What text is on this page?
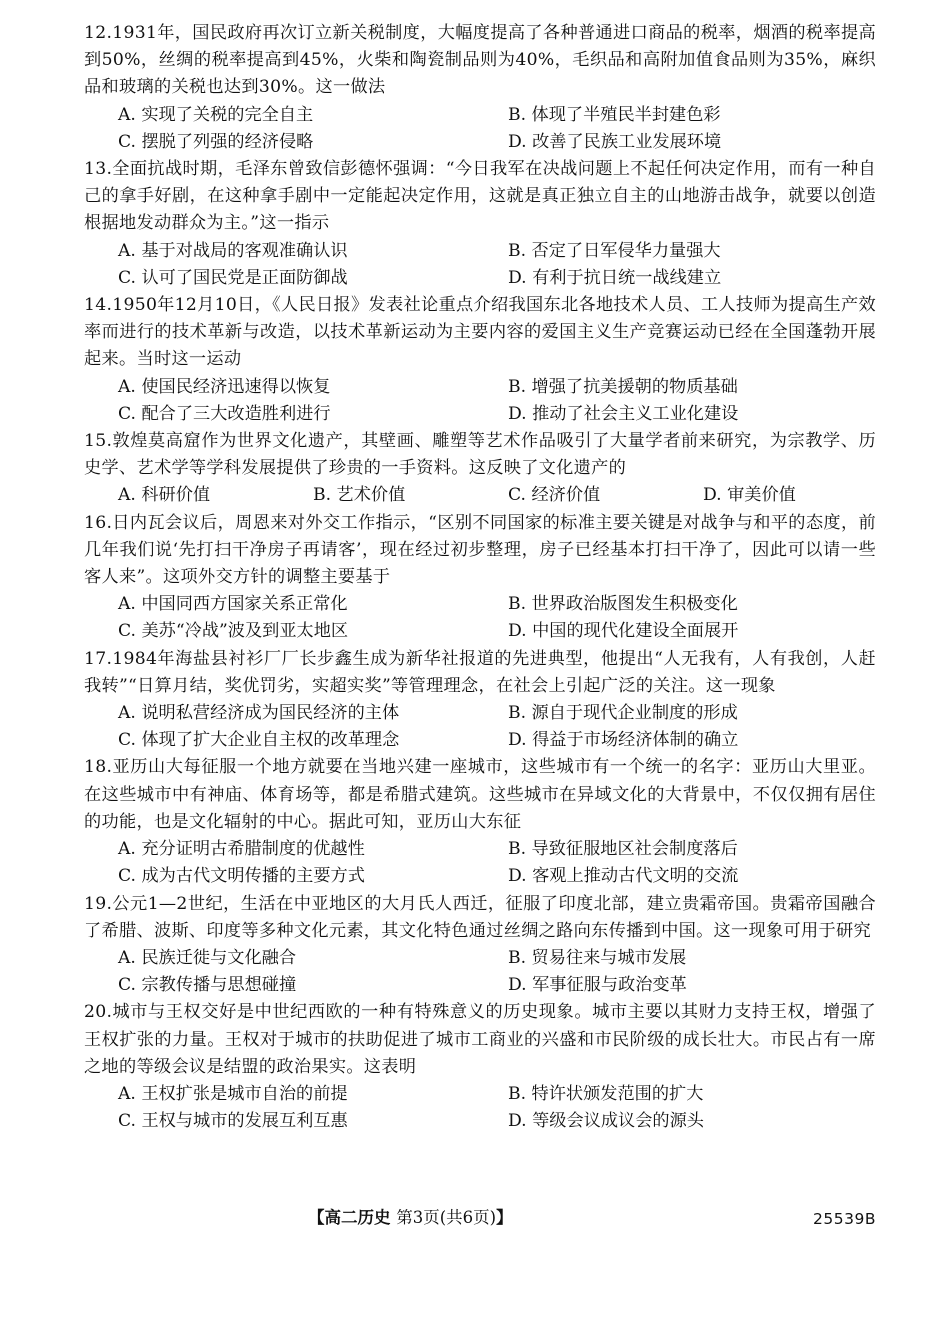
12.1931年，国民政府再次订立新关税制度，大幅度提高了各种普通进口商品的税率，烟酒的税率提高到50%，丝绸的税率提高到45%，火柴和陶瓷制品则为40%，毛织品和高附加值食品则为35%，麻织品和玻璃的关税也达到30%。这一做法
A. 实现了关税的完全自主	B. 体现了半殖民半封建色彩
C. 摆脱了列强的经济侵略	D. 改善了民族工业发展环境
13.全面抗战时期，毛泽东曾致信彭德怀强调：“今日我军在决战问题上不起任何决定作用，而有一种自己的拿手好剧，在这种拿手剧中一定能起决定作用，这就是真正独立自主的山地游击战争，就要以创造根据地发动群众为主。”这一指示
A. 基于对战局的客观准确认识	B. 否定了日军侵华力量强大
C. 认可了国民党是正面防御战	D. 有利于抗日统一战线建立
14.1950年12月10日，《人民日报》发表社论重点介绍我国东北各地技术人员、工人技师为提高生产效率而进行的技术革新与改造，以技术革新运动为主要内容的爱国主义生产竞赛运动已经在全国蓬勃开展起来。当时这一运动
A. 使国民经济迅速得以恢复	B. 增强了抗美援朝的物质基础
C. 配合了三大改造胜利进行	D. 推动了社会主义工业化建设
15.敦煌莫高窟作为世界文化遗产，其壁画、雕塑等艺术作品吸引了大量学者前来研究，为宗教学、历史学、艺术学等学科发展提供了珍贵的一手资料。这反映了文化遗产的
A. 科研价值	B. 艺术价值	C. 经济价值	D. 审美价值
16.日内瓦会议后，周恩来对外交工作指示，“区别不同国家的标准主要关键是对战争与和平的态度，前几年我们说‘先打扫干净房子再请客’，现在经过初步整理，房子已经基本打扫干净了，因此可以请一些客人来”。这项外交方针的调整主要基于
A. 中国同西方国家关系正常化	B. 世界政治版图发生积极变化
C. 美苏“冷战”波及到亚太地区	D. 中国的现代化建设全面展开
17.1984年海盐县衬衫厂厂长步鑫生成为新华社报道的先进典型，他提出“人无我有，人有我创，人赶我转”“日算月结，奖优罚劣，实超实奖”等管理理念，在社会上引起广泛的关注。这一现象
A. 说明私营经济成为国民经济的主体	B. 源自于现代企业制度的形成
C. 体现了扩大企业自主权的改革理念	D. 得益于市场经济体制的确立
18.亚历山大每征服一个地方就要在当地兴建一座城市，这些城市有一个统一的名字：亚历山大里亚。在这些城市中有神庙、体育场等，都是希腊式建筑。这些城市在异域文化的大背景中，不仅仅拥有居住的功能，也是文化辐射的中心。据此可知，亚历山大东征
A. 充分证明古希腊制度的优越性	B. 导致征服地区社会制度落后
C. 成为古代文明传播的主要方式	D. 客观上推动古代文明的交流
19.公元1—2世纪，生活在中亚地区的大月氏人西迁，征服了印度北部，建立贵霜帝国。贵霜帝国融合了希腊、波斯、印度等多种文化元素，其文化特色通过丝绸之路向东传播到中国。这一现象可用于研究
A. 民族迁徙与文化融合	B. 贸易往来与城市发展
C. 宗教传播与思想碰撞	D. 军事征服与政治变革
20.城市与王权交好是中世纪西欧的一种有特殊意义的历史现象。城市主要以其财力支持王权，增强了王权扩张的力量。王权对于城市的扶助促进了城市工商业的兴盛和市民阶级的成长壮大。市民占有一席之地的等级会议是结盟的政治果实。这表明
A. 王权扩张是城市自治的前提	B. 特许状颁发范围的扩大
C. 王权与城市的发展互利互惠	D. 等级会议成议会的源头
【高二历史 第3页(共6页)】	25539B
